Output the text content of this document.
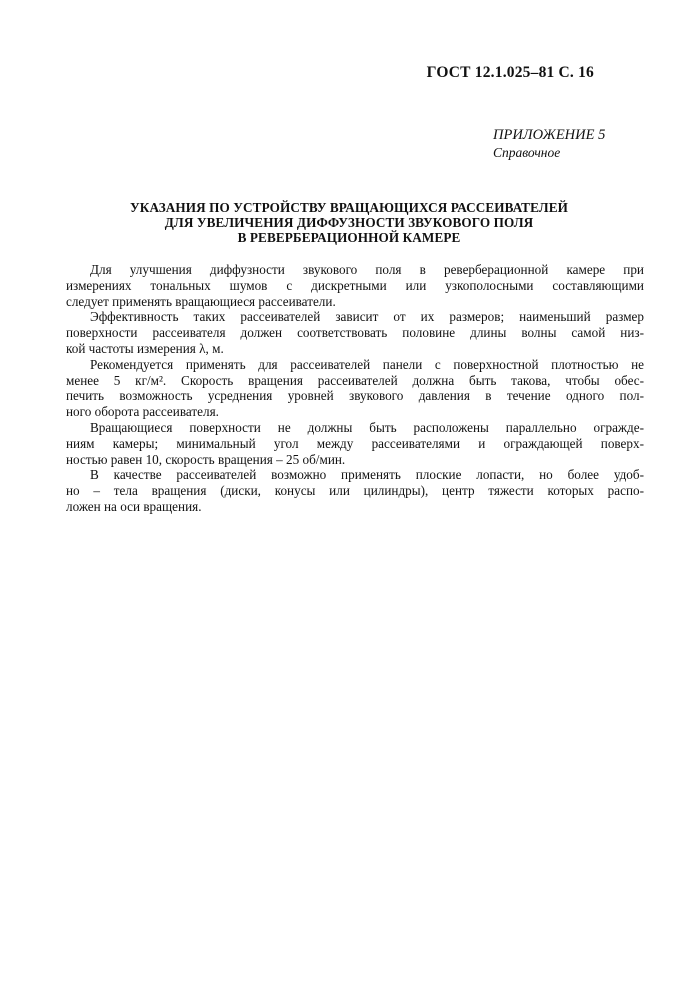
ГОСТ 12.1.025–81 С. 16
ПРИЛОЖЕНИЕ 5
Справочное
УКАЗАНИЯ ПО УСТРОЙСТВУ ВРАЩАЮЩИХСЯ РАССЕИВАТЕЛЕЙ
ДЛЯ УВЕЛИЧЕНИЯ ДИФФУЗНОСТИ ЗВУКОВОГО ПОЛЯ
В РЕВЕРБЕРАЦИОННОЙ КАМЕРЕ
Для улучшения диффузности звукового поля в реверберационной камере при
измерениях тональных шумов с дискретными или узкополосными составляющими
следует применять вращающиеся рассеиватели.
Эффективность таких рассеивателей зависит от их размеров; наименьший размер
поверхности рассеивателя должен соответствовать половине длины волны самой низ-
кой частоты измерения λ, м.
Рекомендуется применять для рассеивателей панели с поверхностной плотностью не
менее 5 кг/м². Скорость вращения рассеивателей должна быть такова, чтобы обес-
печить возможность усреднения уровней звукового давления в течение одного пол-
ного оборота рассеивателя.
Вращающиеся поверхности не должны быть расположены параллельно огражде-
ниям камеры; минимальный угол между рассеивателями и ограждающей поверх-
ностью равен 10, скорость вращения – 25 об/мин.
В качестве рассеивателей возможно применять плоские лопасти, но более удоб-
но – тела вращения (диски, конусы или цилиндры), центр тяжести которых распо-
ложен на оси вращения.
